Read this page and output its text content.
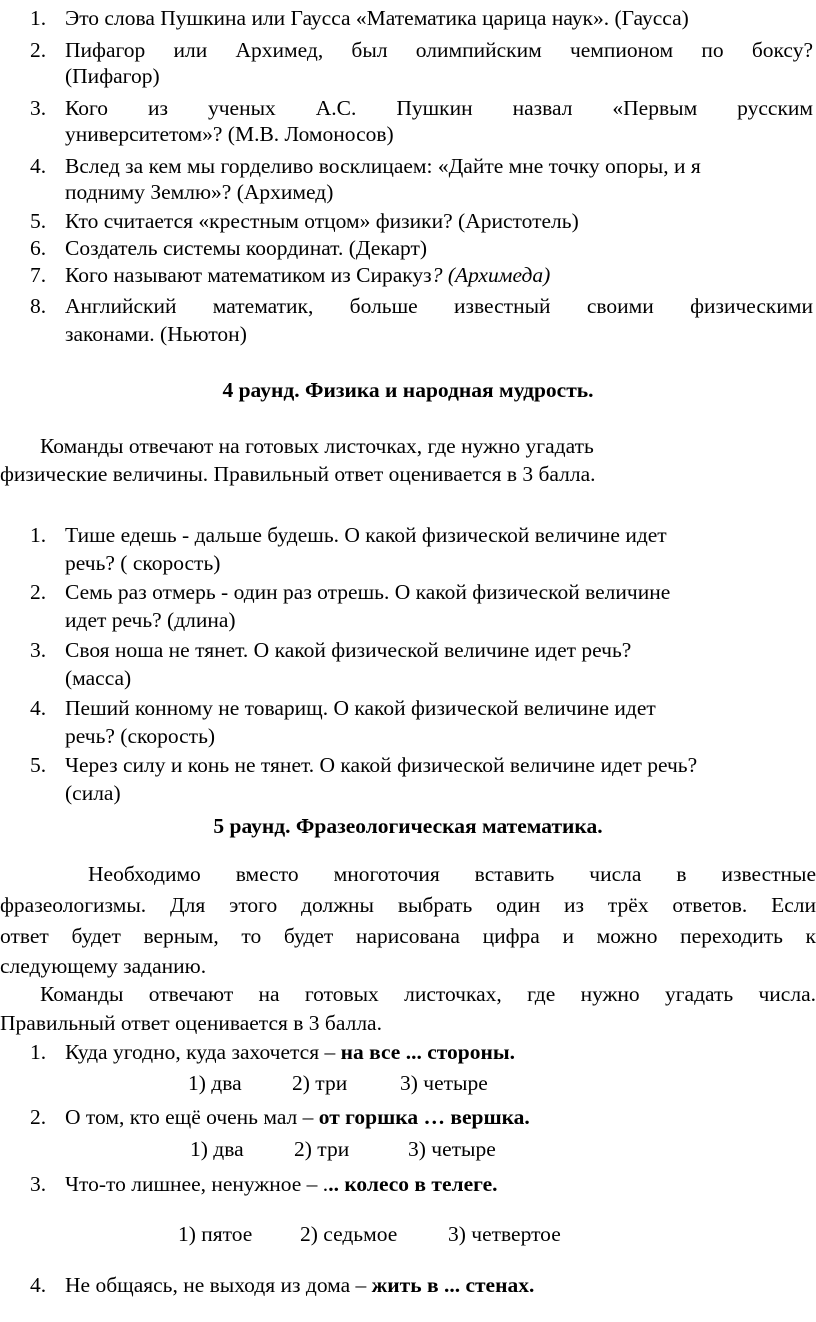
1. Это слова Пушкина или Гаусса «Математика царица наук». (Гаусса)
2. Пифагор или Архимед, был олимпийским чемпионом по боксу?
(Пифагор)
3. Кого из ученых А.С. Пушкин назвал «Первым русским
университетом»? (М.В. Ломоносов)
4. Вслед за кем мы горделиво восклицаем: «Дайте мне точку опоры, и я
подниму Землю»? (Архимед)
5. Кто считается «крестным отцом» физики? (Аристотель)
6. Создатель системы координат. (Декарт)
7. Кого называют математиком из Сиракуз? (Архимеда)
8. Английский математик, больше известный своими физическими
законами. (Ньютон)
4 раунд. Физика и народная мудрость.
Команды отвечают на готовых листочках, где нужно угадать
физические величины. Правильный ответ оценивается в 3 балла.
1. Тише едешь - дальше будешь. О какой физической величине идет
речь? ( скорость)
2. Семь раз отмерь - один раз отрешь. О какой физической величине
идет речь? (длина)
3. Своя ноша не тянет. О какой физической величине идет речь?
(масса)
4. Пеший конному не товарищ. О какой физической величине идет
речь? (скорость)
5. Через силу и конь не тянет. О какой физической величине идет речь?
(сила)
5 раунд. Фразеологическая математика.
Необходимо вместо многоточия вставить числа в известные
фразеологизмы. Для этого должны выбрать один из трёх ответов. Если
ответ будет верным, то будет нарисована цифра и можно переходить к
следующему заданию.
Команды отвечают на готовых листочках, где нужно угадать числа.
Правильный ответ оценивается в 3 балла.
1. Куда угодно, куда захочется – на все ... стороны.
1) два 2) три 3) четыре
2. О том, кто ещё очень мал – от горшка … вершка.
1) два 2) три	3) четыре
3. Что-то лишнее, ненужное – ... колесо в телеге.
1) пятое 2) седьмое 3) четвертое
4. Не общаясь, не выходя из дома – жить в ... стенах.
